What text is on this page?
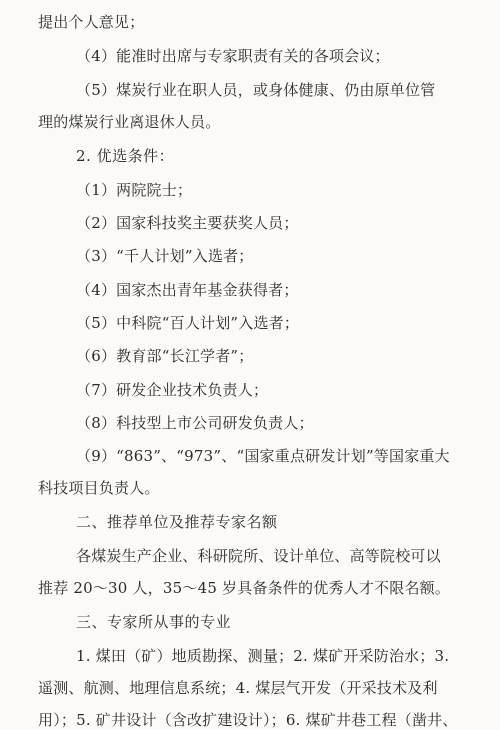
提出个人意见；
（4）能准时出席与专家职责有关的各项会议；
（5）煤炭行业在职人员，或身体健康、仍由原单位管
理的煤炭行业离退休人员。
2. 优选条件：
（1）两院院士；
（2）国家科技奖主要获奖人员；
（3）“千人计划”入选者；
（4）国家杰出青年基金获得者；
（5）中科院“百人计划”入选者；
（6）教育部“长江学者”；
（7）研发企业技术负责人；
（8）科技型上市公司研发负责人；
（9）“863”、“973”、“国家重点研发计划”等国家重大
科技项目负责人。
二、推荐单位及推荐专家名额
各煤炭生产企业、科研院所、设计单位、高等院校可以
推荐 20～30 人，35～45 岁具备条件的优秀人才不限名额。
三、专家所从事的专业
1. 煤田（矿）地质勘探、测量；2. 煤矿开采防治水；3.
遥测、航测、地理信息系统；4. 煤层气开发（开采技术及利
用）；5. 矿井设计（含改扩建设计）；6. 煤矿井巷工程（凿井、
